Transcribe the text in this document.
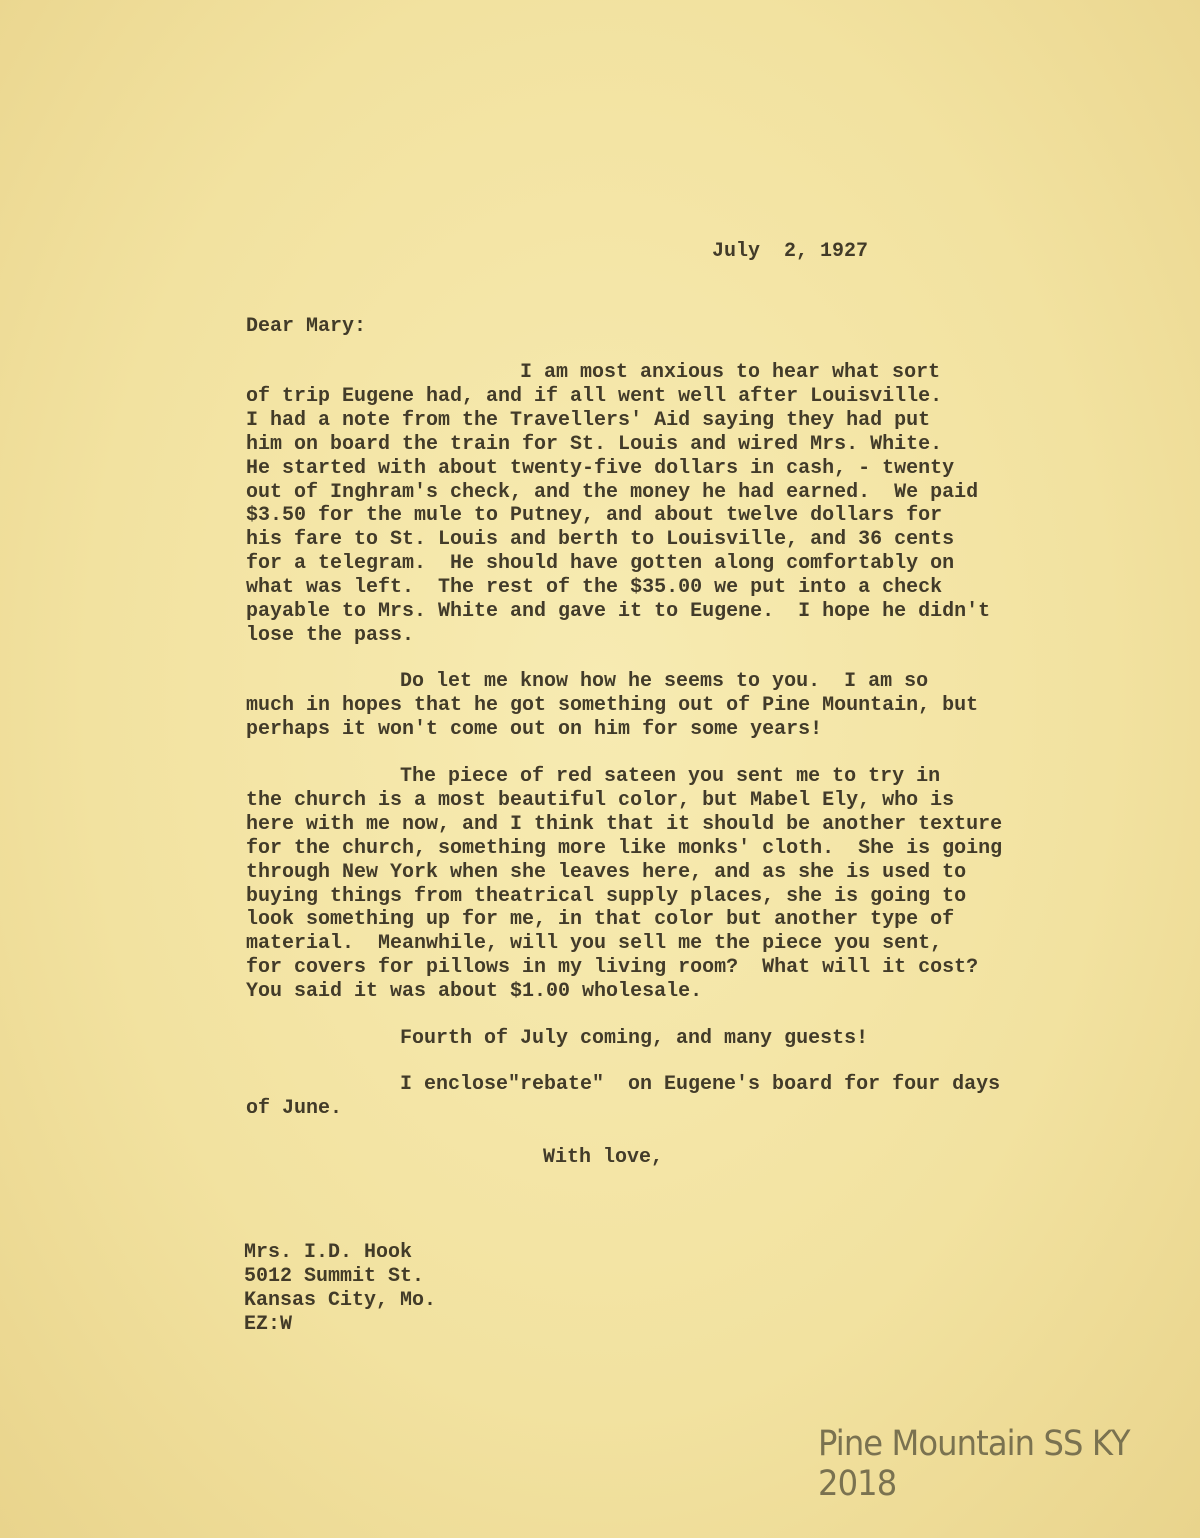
July  2, 1927
Dear Mary:
I am most anxious to hear what sort
of trip Eugene had, and if all went well after Louisville.
I had a note from the Travellers' Aid saying they had put
him on board the train for St. Louis and wired Mrs. White.
He started with about twenty-five dollars in cash, - twenty
out of Inghram's check, and the money he had earned.  We paid
$3.50 for the mule to Putney, and about twelve dollars for
his fare to St. Louis and berth to Louisville, and 36 cents
for a telegram.  He should have gotten along comfortably on
what was left.  The rest of the $35.00 we put into a check
payable to Mrs. White and gave it to Eugene.  I hope he didn't
lose the pass.
Do let me know how he seems to you.  I am so
much in hopes that he got something out of Pine Mountain, but
perhaps it won't come out on him for some years!
The piece of red sateen you sent me to try in
the church is a most beautiful color, but Mabel Ely, who is
here with me now, and I think that it should be another texture
for the church, something more like monks' cloth.  She is going
through New York when she leaves here, and as she is used to
buying things from theatrical supply places, she is going to
look something up for me, in that color but another type of
material.  Meanwhile, will you sell me the piece you sent,
for covers for pillows in my living room?  What will it cost?
You said it was about $1.00 wholesale.
Fourth of July coming, and many guests!
I enclose"rebate"  on Eugene's board for four days
of June.
With love,
Mrs. I.D. Hook
5012 Summit St.
Kansas City, Mo.
EZ:W
Pine Mountain SS KY 2018
